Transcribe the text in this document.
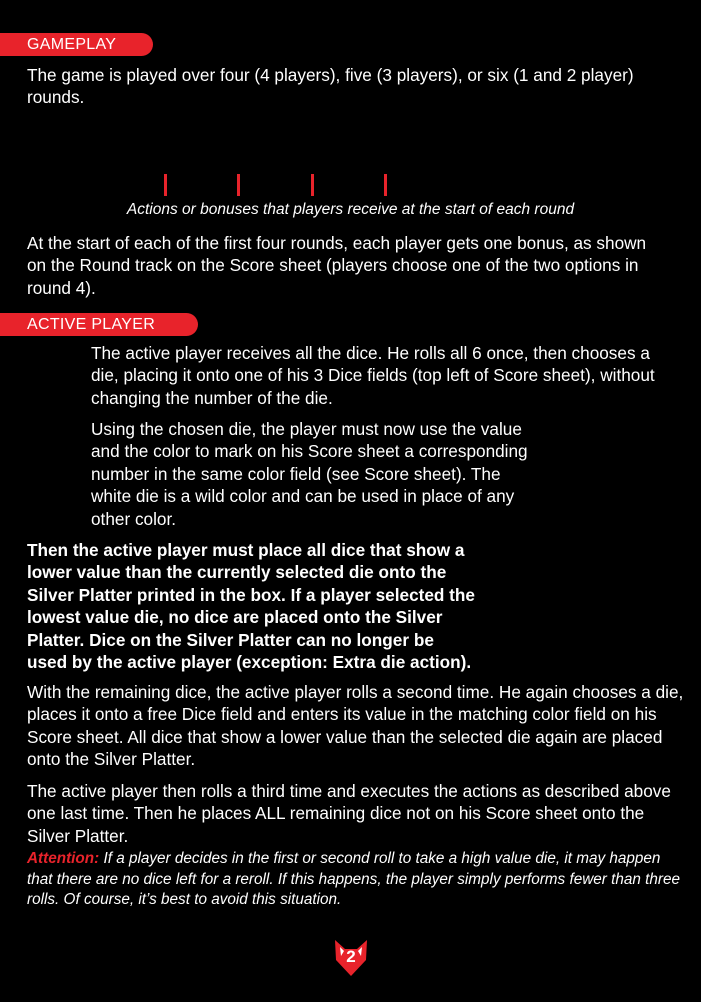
GAMEPLAY

The game is played over four (4 players), five (3 players), or six (1 and 2 player) rounds.

Actions or bonuses that players receive at the start of each round

At the start of each of the first four rounds, each player gets one bonus, as shown on the Round track on the Score sheet (players choose one of the two options in round 4).

ACTIVE PLAYER

The active player receives all the dice. He rolls all 6 once, then chooses a die, placing it onto one of his 3 Dice fields (top left of Score sheet), without changing the number of the die.

Using the chosen die, the player must now use the value and the color to mark on his Score sheet a corresponding number in the same color field (see Score sheet). The white die is a wild color and can be used in place of any other color.

Then the active player must place all dice that show a lower value than the currently selected die onto the Silver Platter printed in the box. If a player selected the lowest value die, no dice are placed onto the Silver Platter. Dice on the Silver Platter can no longer be used by the active player (exception: Extra die action).

With the remaining dice, the active player rolls a second time. He again chooses a die, places it onto a free Dice field and enters its value in the matching color field on his Score sheet. All dice that show a lower value than the selected die again are placed onto the Silver Platter.

The active player then rolls a third time and executes the actions as described above one last time. Then he places ALL remaining dice not on his Score sheet onto the Silver Platter.

Attention: If a player decides in the first or second roll to take a high value die, it may happen that there are no dice left for a reroll. If this happens, the player simply performs fewer than three rolls. Of course, it’s best to avoid this situation.

2
